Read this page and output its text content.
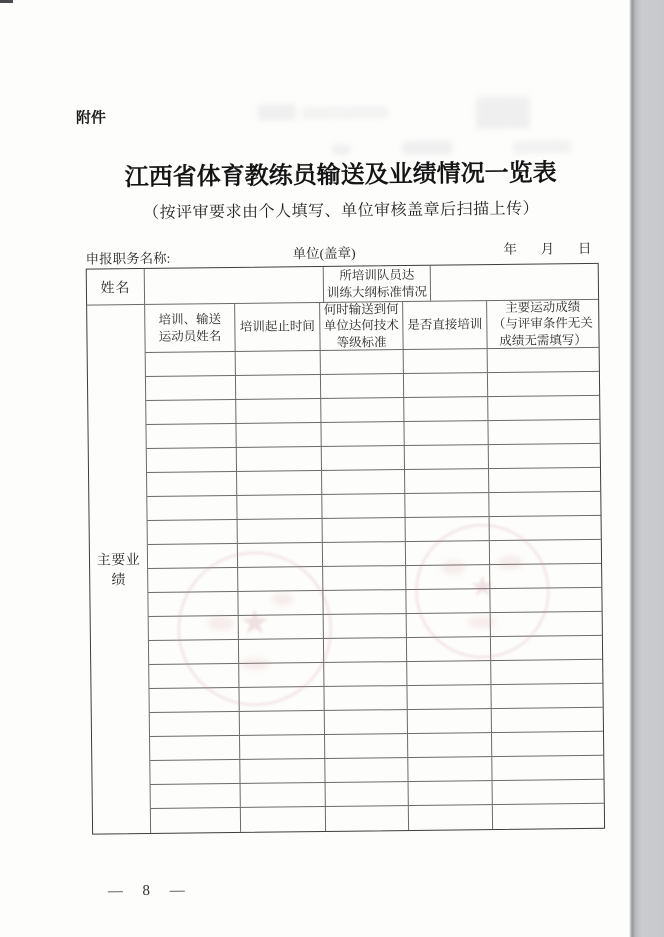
附件
江西省体育教练员输送及业绩情况一览表
（按评审要求由个人填写、单位审核盖章后扫描上传）
申报职务名称:	单位(盖章)	年 月 日
姓名
所培训队员达
训练大纲标准情况
主要业绩
培训、输送
运动员姓名
培训起止时间
何时输送到何
单位达何技术
等级标准
是否直接培训
主要运动成绩
（与评审条件无关
成绩无需填写）
★
★
— 8 —
